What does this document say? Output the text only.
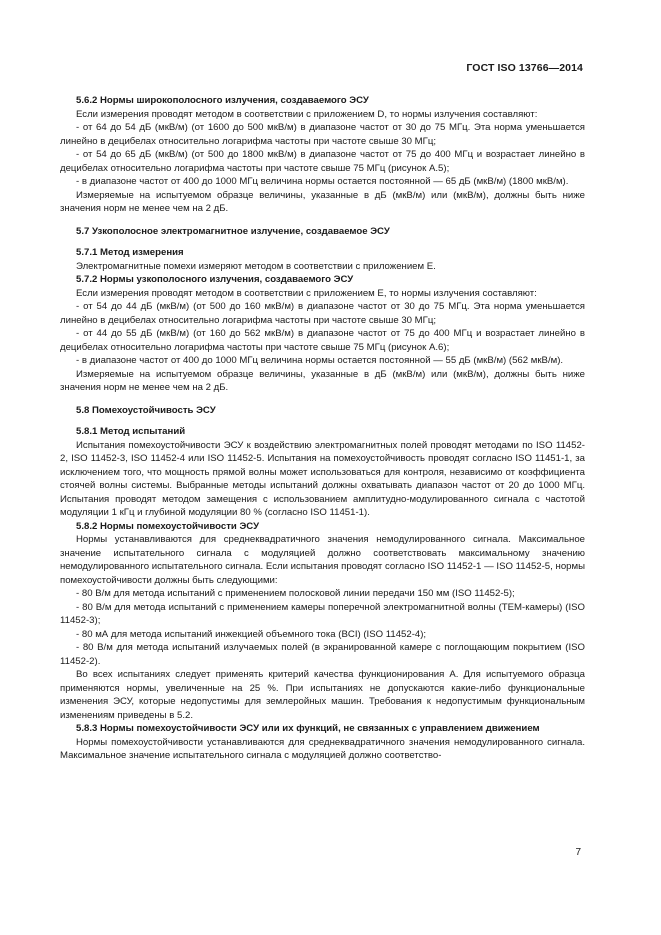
ГОСТ ISO 13766—2014

5.6.2 Нормы широкополосного излучения, создаваемого ЭСУ

Если измерения проводят методом в соответствии с приложением D, то нормы излучения составляют:

- от 64 до 54 дБ (мкВ/м) (от 1600 до 500 мкВ/м) в диапазоне частот от 30 до 75 МГц. Эта норма уменьшается линейно в децибелах относительно логарифма частоты при частоте свыше 30 МГц;

- от 54 до 65 дБ (мкВ/м) (от 500 до 1800 мкВ/м) в диапазоне частот от 75 до 400 МГц и возрастает линейно в децибелах относительно логарифма частоты при частоте свыше 75 МГц (рисунок А.5);

- в диапазоне частот от 400 до 1000 МГц величина нормы остается постоянной — 65 дБ (мкВ/м) (1800 мкВ/м).

Измеряемые на испытуемом образце величины, указанные в дБ (мкВ/м) или (мкВ/м), должны быть ниже значения норм не менее чем на 2 дБ.

5.7 Узкополосное электромагнитное излучение, создаваемое ЭСУ

5.7.1 Метод измерения

Электромагнитные помехи измеряют методом в соответствии с приложением Е.

5.7.2 Нормы узкополосного излучения, создаваемого ЭСУ

Если измерения проводят методом в соответствии с приложением Е, то нормы излучения составляют:

- от 54 до 44 дБ (мкВ/м) (от 500 до 160 мкВ/м) в диапазоне частот от 30 до 75 МГц. Эта норма уменьшается линейно в децибелах относительно логарифма частоты при частоте свыше 30 МГц;

- от 44 до 55 дБ (мкВ/м) (от 160 до 562 мкВ/м) в диапазоне частот от 75 до 400 МГц и возрастает линейно в децибелах относительно логарифма частоты при частоте свыше 75 МГц (рисунок А.6);

- в диапазоне частот от 400 до 1000 МГц величина нормы остается постоянной — 55 дБ (мкВ/м) (562 мкВ/м).

Измеряемые на испытуемом образце величины, указанные в дБ (мкВ/м) или (мкВ/м), должны быть ниже значения норм не менее чем на 2 дБ.

5.8 Помехоустойчивость ЭСУ

5.8.1 Метод испытаний

Испытания помехоустойчивости ЭСУ к воздействию электромагнитных полей проводят методами по ISO 11452-2, ISO 11452-3, ISO 11452-4 или ISO 11452-5. Испытания на помехоустойчивость проводят согласно ISO 11451-1, за исключением того, что мощность прямой волны может использоваться для контроля, независимо от коэффициента стоячей волны системы. Выбранные методы испытаний должны охватывать диапазон частот от 20 до 1000 МГц. Испытания проводят методом замещения с использованием амплитудно-модулированного сигнала с частотой модуляции 1 кГц и глубиной модуляции 80 % (согласно ISO 11451-1).

5.8.2 Нормы помехоустойчивости ЭСУ

Нормы устанавливаются для среднеквадратичного значения немодулированного сигнала. Максимальное значение испытательного сигнала с модуляцией должно соответствовать максимальному значению немодулированного испытательного сигнала. Если испытания проводят согласно ISO 11452-1 — ISO 11452-5, нормы помехоустойчивости должны быть следующими:

- 80 В/м для метода испытаний с применением полосковой линии передачи 150 мм (ISO 11452-5);

- 80 В/м для метода испытаний с применением камеры поперечной электромагнитной волны (ТЕМ-камеры) (ISO 11452-3);

- 80 мА для метода испытаний инжекцией объемного тока (BCI) (ISO 11452-4);

- 80 В/м для метода испытаний излучаемых полей (в экранированной камере с поглощающим покрытием (ISO 11452-2).

Во всех испытаниях следует применять критерий качества функционирования А. Для испытуемого образца применяются нормы, увеличенные на 25 %. При испытаниях не допускаются какие-либо функциональные изменения ЭСУ, которые недопустимы для землеройных машин. Требования к недопустимым функциональным изменениям приведены в 5.2.

5.8.3 Нормы помехоустойчивости ЭСУ или их функций, не связанных с управлением движением

Нормы помехоустойчивости устанавливаются для среднеквадратичного значения немодулированного сигнала. Максимальное значение испытательного сигнала с модуляцией должно соответство-

7
